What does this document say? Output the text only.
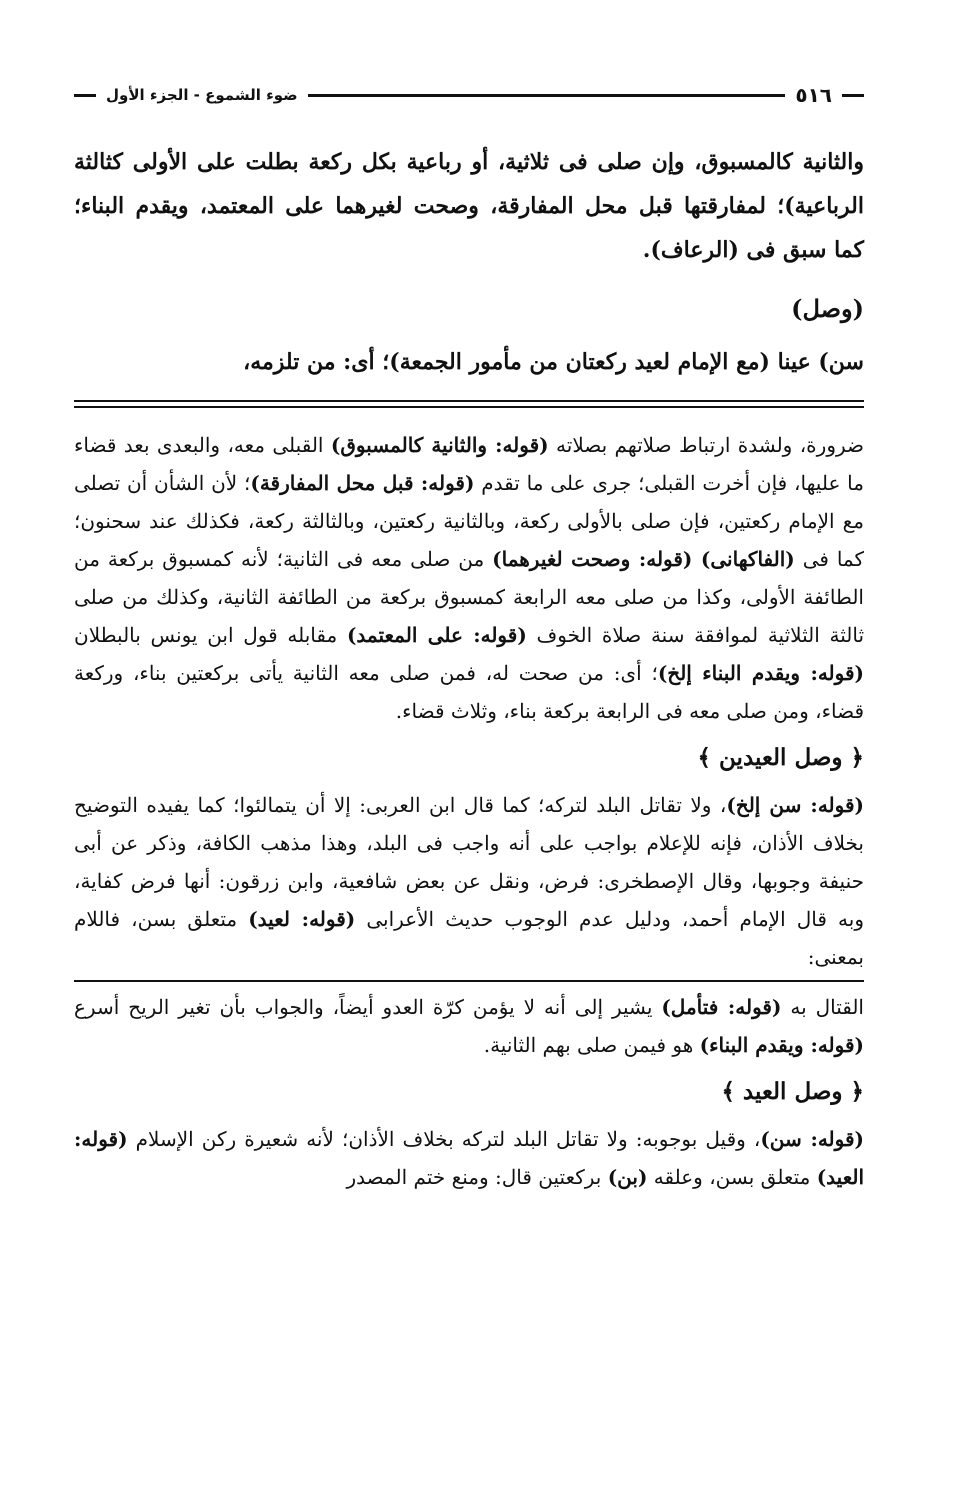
٥١٦
ضوء الشموع - الجزء الأول

والثانية كالمسبوق، وإن صلى فى ثلاثية، أو رباعية بكل ركعة بطلت على الأولى كثالثة الرباعية)؛ لمفارقتها قبل محل المفارقة، وصحت لغيرهما على المعتمد، ويقدم البناء؛ كما سبق فى (الرعاف).

(وصل)

سن) عينا (مع الإمام لعيد ركعتان من مأمور الجمعة)؛ أى: من تلزمه،

ضرورة، ولشدة ارتباط صلاتهم بصلاته (قوله: والثانية كالمسبوق) القبلى معه، والبعدى بعد قضاء ما عليها، فإن أخرت القبلى؛ جرى على ما تقدم (قوله: قبل محل المفارقة)؛ لأن الشأن أن تصلى مع الإمام ركعتين، فإن صلى بالأولى ركعة، وبالثانية ركعتين، وبالثالثة ركعة، فكذلك عند سحنون؛ كما فى (الفاكهانى) (قوله: وصحت لغيرهما) من صلى معه فى الثانية؛ لأنه كمسبوق بركعة من الطائفة الأولى، وكذا من صلى معه الرابعة كمسبوق بركعة من الطائفة الثانية، وكذلك من صلى ثالثة الثلاثية لموافقة سنة صلاة الخوف (قوله: على المعتمد) مقابله قول ابن يونس بالبطلان (قوله: ويقدم البناء إلخ)؛ أى: من صحت له، فمن صلى معه الثانية يأتى بركعتين بناء، وركعة قضاء، ومن صلى معه فى الرابعة بركعة بناء، وثلاث قضاء.

﴿ وصل العيدين ﴾

(قوله: سن إلخ)، ولا تقاتل البلد لتركه؛ كما قال ابن العربى: إلا أن يتمالئوا؛ كما يفيده التوضيح بخلاف الأذان، فإنه للإعلام بواجب على أنه واجب فى البلد، وهذا مذهب الكافة، وذكر عن أبى حنيفة وجوبها، وقال الإصطخرى: فرض، ونقل عن بعض شافعية، وابن زرقون: أنها فرض كفاية، وبه قال الإمام أحمد، ودليل عدم الوجوب حديث الأعرابى (قوله: لعيد) متعلق بسن، فاللام بمعنى:

القتال به (قوله: فتأمل) يشير إلى أنه لا يؤمن كرّة العدو أيضاً، والجواب بأن تغير الريح أسرع (قوله: ويقدم البناء) هو فيمن صلى بهم الثانية.

﴿ وصل العيد ﴾

(قوله: سن)، وقيل بوجوبه: ولا تقاتل البلد لتركه بخلاف الأذان؛ لأنه شعيرة ركن الإسلام (قوله: العيد) متعلق بسن، وعلقه (بن) بركعتين قال: ومنع ختم المصدر
